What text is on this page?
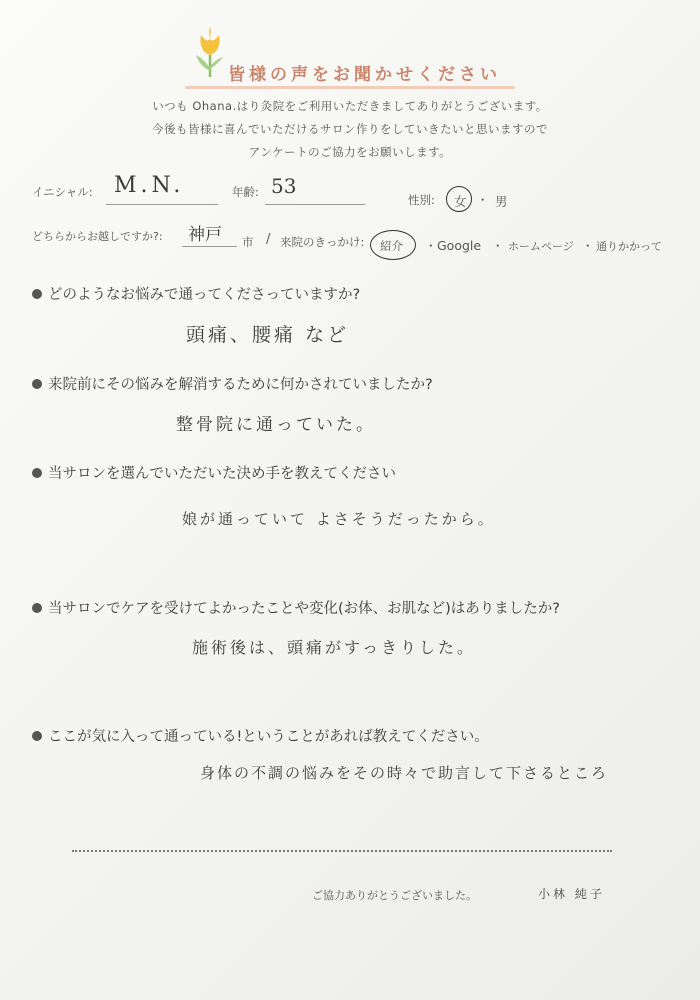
皆様の声をお聞かせください
いつも Ohana.はり灸院をご利用いただきましてありがとうございます。
今後も皆様に喜んでいただけるサロン作りをしていきたいと思いますので
アンケートのご協力をお願いします。
イニシャル: M.N.	年齢: 53
性別: 女 ・ 男
どちらからお越しですか?: 神戸 市 / 来院のきっかけ: 紹介 ・ Google ・ ホームページ ・ 通りかかって
どのようなお悩みで通ってくださっていますか?
頭痛、腰痛 など
来院前にその悩みを解消するために何かされていましたか?
整骨院に通っていた。
当サロンを選んでいただいた決め手を教えてください
娘が通っていて よさそうだったから。
当サロンでケアを受けてよかったことや変化(お体、お肌など)はありましたか?
施術後は、頭痛がすっきりした。
ここが気に入って通っている!ということがあれば教えてください。
身体の不調の悩みをその時々で助言して下さるところ
ご協力ありがとうございました。	小林 純子
